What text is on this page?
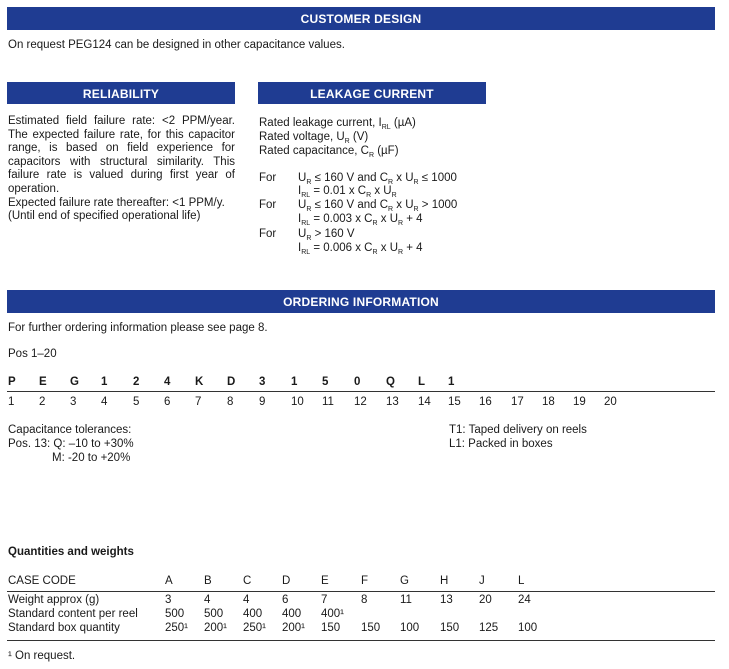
CUSTOMER DESIGN
On request PEG124 can be designed in other capacitance values.
RELIABILITY
Estimated field failure rate: <2 PPM/year.
The expected failure rate, for this capacitor
range, is based on field experience for
capacitors with structural similarity. This
failure rate is valued during first year of
operation.
Expected failure rate thereafter: <1 PPM/y.
(Until end of specified operational life)
LEAKAGE CURRENT
Rated leakage current, $I_{RL}$ (µA)
Rated voltage, $U_R$ (V)
Rated capacitance, $C_R$ (µF)
For $U_R \le 160$ V and $C_R$ x $U_R \le 1000$
$I_{RL} = 0.01$ x $C_R$ x $U_R$
For $U_R \le 160$ V and $C_R$ x $U_R > 1000$
$I_{RL} = 0.003$ x $C_R$ x $U_R + 4$
For $U_R > 160$ V
$I_{RL} = 0.006$ x $C_R$ x $U_R + 4$
ORDERING INFORMATION
For further ordering information please see page 8.
Pos 1–20
P E G 1 2 4 K D 3 1 5 0 Q L 1
1 2 3 4 5 6 7 8 9 10 11 12 13 14 15 16 17 18 19 20
Capacitance tolerances:
Pos. 13: Q: –10 to +30%
M: -20 to +20%
T1: Taped delivery on reels
L1: Packed in boxes
Quantities and weights
CASE CODE	A	B	C	D	E	F	G	H	J	L
Weight approx (g)	3	4	4	6	7	8	11 13 20 24
Standard content per reel 500 500 400 400 400¹
Standard box quantity	250¹ 200¹ 250¹ 200¹ 150 150 100 150 125 100
¹ On request.
